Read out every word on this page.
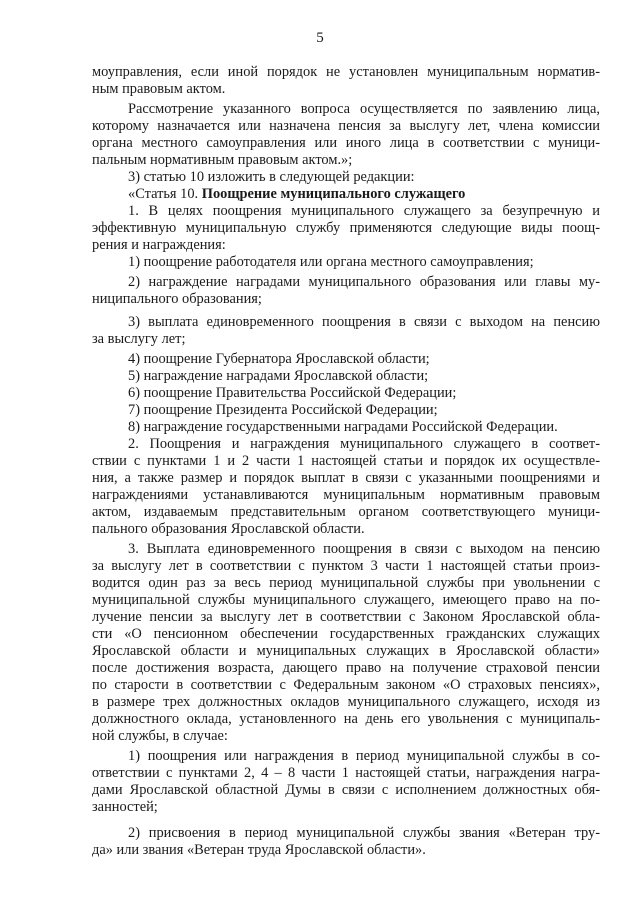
5
моуправления, если иной порядок не установлен муниципальным норматив-
ным правовым актом.
Рассмотрение указанного вопроса осуществляется по заявлению лица,
которому назначается или назначена пенсия за выслугу лет, члена комиссии
органа местного самоуправления или иного лица в соответствии с муници-
пальным нормативным правовым актом.»;
3) статью 10 изложить в следующей редакции:
«Статья 10. Поощрение муниципального служащего
1. В целях поощрения муниципального служащего за безупречную и
эффективную муниципальную службу применяются следующие виды поощ-
рения и награждения:
1) поощрение работодателя или органа местного самоуправления;
2) награждение наградами муниципального образования или главы му-
ниципального образования;
3) выплата единовременного поощрения в связи с выходом на пенсию
за выслугу лет;
4) поощрение Губернатора Ярославской области;
5) награждение наградами Ярославской области;
6) поощрение Правительства Российской Федерации;
7) поощрение Президента Российской Федерации;
8) награждение государственными наградами Российской Федерации.
2. Поощрения и награждения муниципального служащего в соответ-
ствии с пунктами 1 и 2 части 1 настоящей статьи и порядок их осуществле-
ния, а также размер и порядок выплат в связи с указанными поощрениями и
награждениями устанавливаются муниципальным нормативным правовым
актом, издаваемым представительным органом соответствующего муници-
пального образования Ярославской области.
3. Выплата единовременного поощрения в связи с выходом на пенсию
за выслугу лет в соответствии с пунктом 3 части 1 настоящей статьи произ-
водится один раз за весь период муниципальной службы при увольнении с
муниципальной службы муниципального служащего, имеющего право на по-
лучение пенсии за выслугу лет в соответствии с Законом Ярославской обла-
сти «О пенсионном обеспечении государственных гражданских служащих
Ярославской области и муниципальных служащих в Ярославской области»
после достижения возраста, дающего право на получение страховой пенсии
по старости в соответствии с Федеральным законом «О страховых пенсиях»,
в размере трех должностных окладов муниципального служащего, исходя из
должностного оклада, установленного на день его увольнения с муниципаль-
ной службы, в случае:
1) поощрения или награждения в период муниципальной службы в со-
ответствии с пунктами 2, 4 – 8 части 1 настоящей статьи, награждения награ-
дами Ярославской областной Думы в связи с исполнением должностных обя-
занностей;
2) присвоения в период муниципальной службы звания «Ветеран тру-
да» или звания «Ветеран труда Ярославской области».
